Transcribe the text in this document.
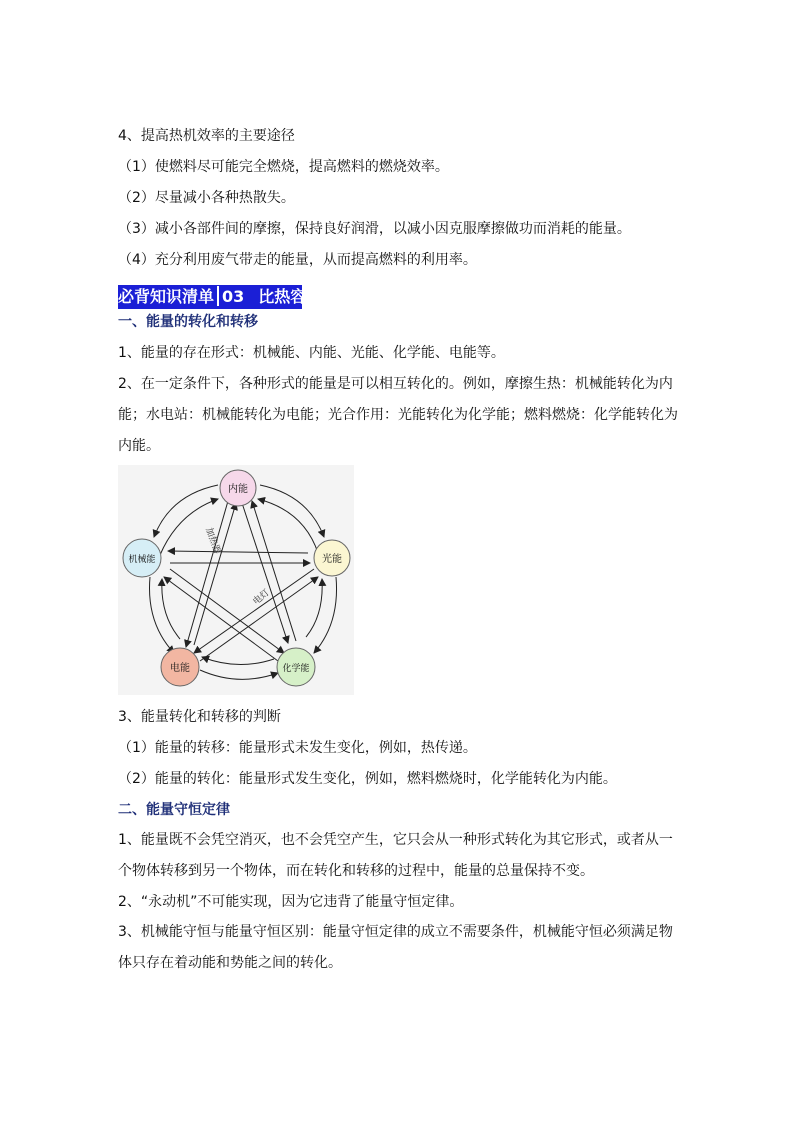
4、提高热机效率的主要途径
（1）使燃料尽可能完全燃烧，提高燃料的燃烧效率。
（2）尽量减小各种热散失。
（3）减小各部件间的摩擦，保持良好润滑，以减小因克服摩擦做功而消耗的能量。
（4）充分利用废气带走的能量，从而提高燃料的利用率。
必背知识清单 03 比热容
一、能量的转化和转移
1、能量的存在形式：机械能、内能、光能、化学能、电能等。
2、在一定条件下，各种形式的能量是可以相互转化的。例如，摩擦生热：机械能转化为内能；水电站：机械能转化为电能；光合作用：光能转化为化学能；燃料燃烧：化学能转化为内能。
加热器
电灯
内能
光能
机械能
电能	化学能
3、能量转化和转移的判断
（1）能量的转移：能量形式未发生变化，例如，热传递。
（2）能量的转化：能量形式发生变化，例如，燃料燃烧时，化学能转化为内能。
二、能量守恒定律
1、能量既不会凭空消灭，也不会凭空产生，它只会从一种形式转化为其它形式，或者从一个物体转移到另一个物体，而在转化和转移的过程中，能量的总量保持不变。
2、“永动机”不可能实现，因为它违背了能量守恒定律。
3、机械能守恒与能量守恒区别：能量守恒定律的成立不需要条件，机械能守恒必须满足物体只存在着动能和势能之间的转化。
